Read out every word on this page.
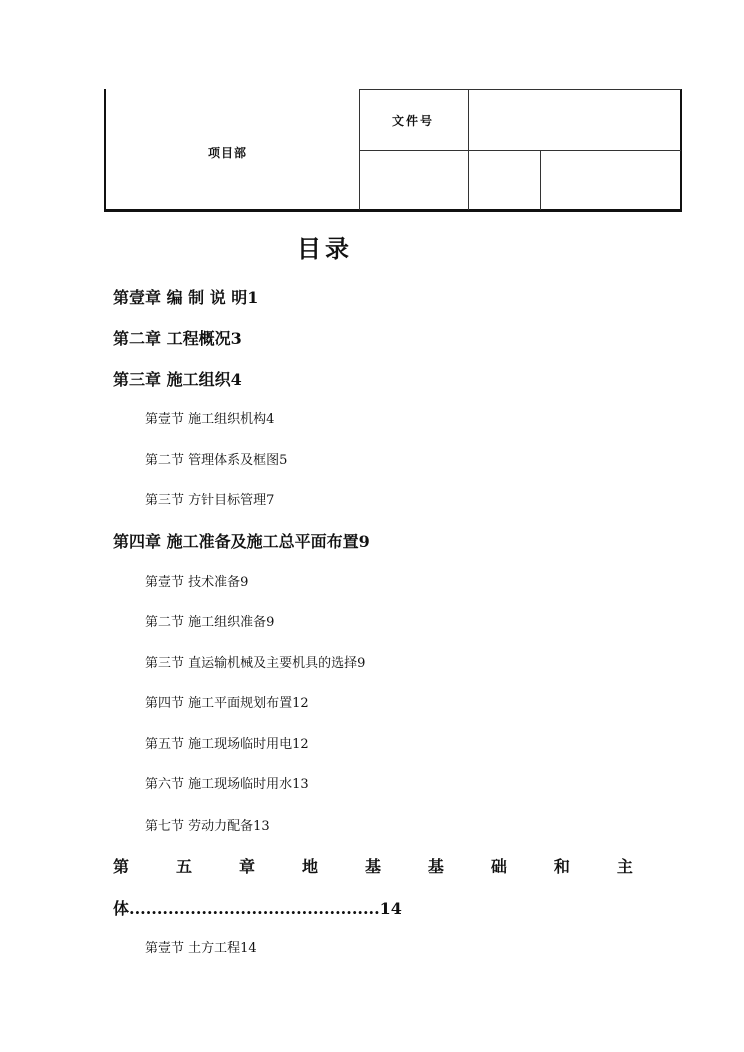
项目部
文件号
目录
第壹章 编 制 说 明1
第二章 工程概况3
第三章 施工组织4
第壹节 施工组织机构4
第二节 管理体系及框图5
第三节 方针目标管理7
第四章 施工准备及施工总平面布置9
第壹节 技术准备9
第二节 施工组织准备9
第三节 直运输机械及主要机具的选择9
第四节 施工平面规划布置12
第五节 施工现场临时用电12
第六节 施工现场临时用水13
第七节 劳动力配备13
第	五	章	地	基	基	础	和	主
体.............................................14
第壹节 土方工程14
